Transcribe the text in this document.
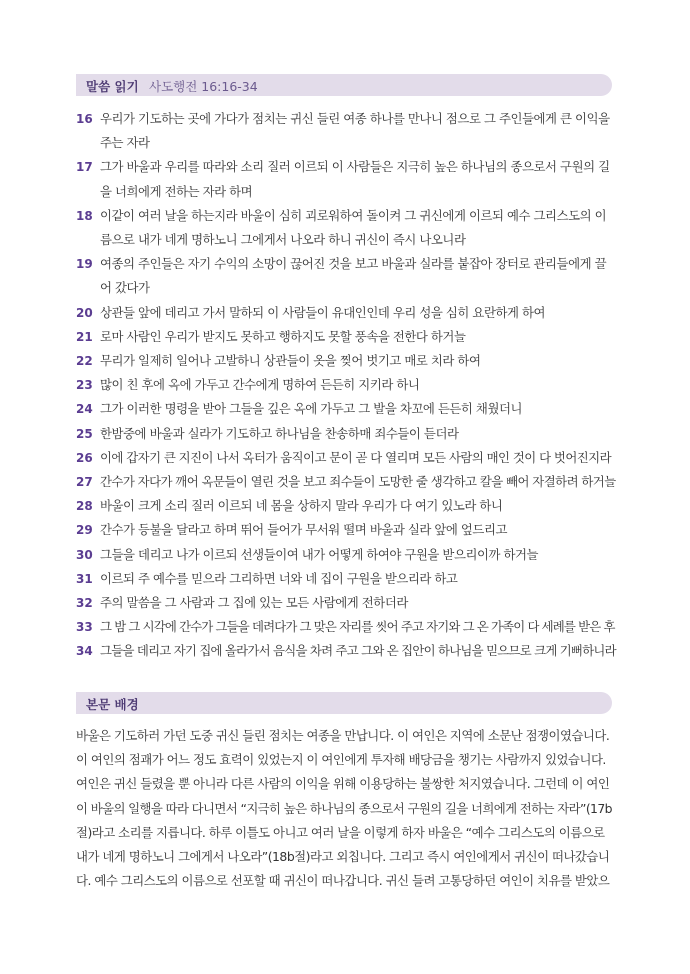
말씀 읽기 사도행전 16:16-34
16 우리가 기도하는 곳에 가다가 점치는 귀신 들린 여종 하나를 만나니 점으로 그 주인들에게 큰 이익을
주는 자라
17 그가 바울과 우리를 따라와 소리 질러 이르되 이 사람들은 지극히 높은 하나님의 종으로서 구원의 길
을 너희에게 전하는 자라 하며
18 이같이 여러 날을 하는지라 바울이 심히 괴로워하여 돌이켜 그 귀신에게 이르되 예수 그리스도의 이
름으로 내가 네게 명하노니 그에게서 나오라 하니 귀신이 즉시 나오니라
19 여종의 주인들은 자기 수익의 소망이 끊어진 것을 보고 바울과 실라를 붙잡아 장터로 관리들에게 끌
어 갔다가
20 상관들 앞에 데리고 가서 말하되 이 사람들이 유대인인데 우리 성을 심히 요란하게 하여
21 로마 사람인 우리가 받지도 못하고 행하지도 못할 풍속을 전한다 하거늘
22 무리가 일제히 일어나 고발하니 상관들이 옷을 찢어 벗기고 매로 치라 하여
23 많이 친 후에 옥에 가두고 간수에게 명하여 든든히 지키라 하니
24 그가 이러한 명령을 받아 그들을 깊은 옥에 가두고 그 발을 차꼬에 든든히 채웠더니
25 한밤중에 바울과 실라가 기도하고 하나님을 찬송하매 죄수들이 듣더라
26 이에 갑자기 큰 지진이 나서 옥터가 움직이고 문이 곧 다 열리며 모든 사람의 매인 것이 다 벗어진지라
27 간수가 자다가 깨어 옥문들이 열린 것을 보고 죄수들이 도망한 줄 생각하고 칼을 빼어 자결하려 하거늘
28 바울이 크게 소리 질러 이르되 네 몸을 상하지 말라 우리가 다 여기 있노라 하니
29 간수가 등불을 달라고 하며 뛰어 들어가 무서워 떨며 바울과 실라 앞에 엎드리고
30 그들을 데리고 나가 이르되 선생들이여 내가 어떻게 하여야 구원을 받으리이까 하거늘
31 이르되 주 예수를 믿으라 그리하면 너와 네 집이 구원을 받으리라 하고
32 주의 말씀을 그 사람과 그 집에 있는 모든 사람에게 전하더라
33 그 밤 그 시각에 간수가 그들을 데려다가 그 맞은 자리를 씻어 주고 자기와 그 온 가족이 다 세례를 받은 후
34 그들을 데리고 자기 집에 올라가서 음식을 차려 주고 그와 온 집안이 하나님을 믿으므로 크게 기뻐하니라
본문 배경
바울은 기도하러 가던 도중 귀신 들린 점치는 여종을 만납니다. 이 여인은 지역에 소문난 점쟁이였습니다.
이 여인의 점괘가 어느 정도 효력이 있었는지 이 여인에게 투자해 배당금을 챙기는 사람까지 있었습니다.
여인은 귀신 들렸을 뿐 아니라 다른 사람의 이익을 위해 이용당하는 불쌍한 처지였습니다. 그런데 이 여인
이 바울의 일행을 따라 다니면서 “지극히 높은 하나님의 종으로서 구원의 길을 너희에게 전하는 자라”(17b
절)라고 소리를 지릅니다. 하루 이틀도 아니고 여러 날을 이렇게 하자 바울은 “예수 그리스도의 이름으로
내가 네게 명하노니 그에게서 나오라”(18b절)라고 외칩니다. 그리고 즉시 여인에게서 귀신이 떠나갔습니
다. 예수 그리스도의 이름으로 선포할 때 귀신이 떠나갑니다. 귀신 들려 고통당하던 여인이 치유를 받았으
